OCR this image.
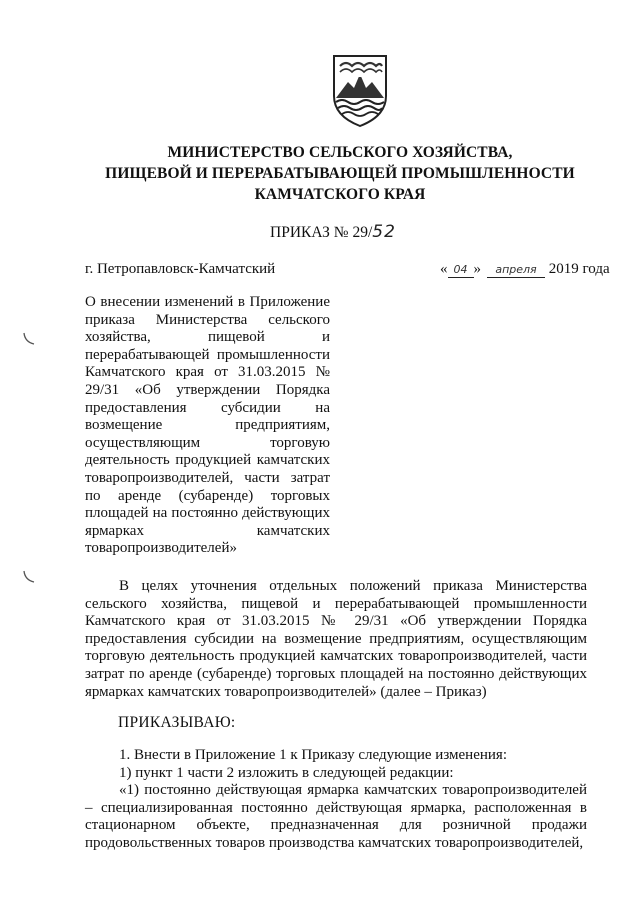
МИНИСТЕРСТВО СЕЛЬСКОГО ХОЗЯЙСТВА,
ПИЩЕВОЙ И ПЕРЕРАБАТЫВАЮЩЕЙ ПРОМЫШЛЕННОСТИ
КАМЧАТСКОГО КРАЯ
ПРИКАЗ № 29/52
г. Петропавловск-Камчатский	« 04 » апреля 2019 года
О внесении изменений в Приложение приказа Министерства сельского хозяйства, пищевой и перерабатывающей промышленности Камчатского края от 31.03.2015 № 29/31 «Об утверждении Порядка предоставления субсидии на возмещение предприятиям, осуществляющим торговую деятельность продукцией камчатских товаропроизводителей, части затрат по аренде (субаренде) торговых площадей на постоянно действующих ярмарках камчатских товаропроизводителей»

В целях уточнения отдельных положений приказа Министерства сельского хозяйства, пищевой и перерабатывающей промышленности Камчатского края от 31.03.2015 № 29/31 «Об утверждении Порядка предоставления субсидии на возмещение предприятиям, осуществляющим торговую деятельность продукцией камчатских товаропроизводителей, части затрат по аренде (субаренде) торговых площадей на постоянно действующих ярмарках камчатских товаропроизводителей» (далее – Приказ)

ПРИКАЗЫВАЮ:

1. Внести в Приложение 1 к Приказу следующие изменения:

1) пункт 1 части 2 изложить в следующей редакции:

«1) постоянно действующая ярмарка камчатских товаропроизводителей – специализированная постоянно действующая ярмарка, расположенная в стационарном объекте, предназначенная для розничной продажи продовольственных товаров производства камчатских товаропроизводителей,
